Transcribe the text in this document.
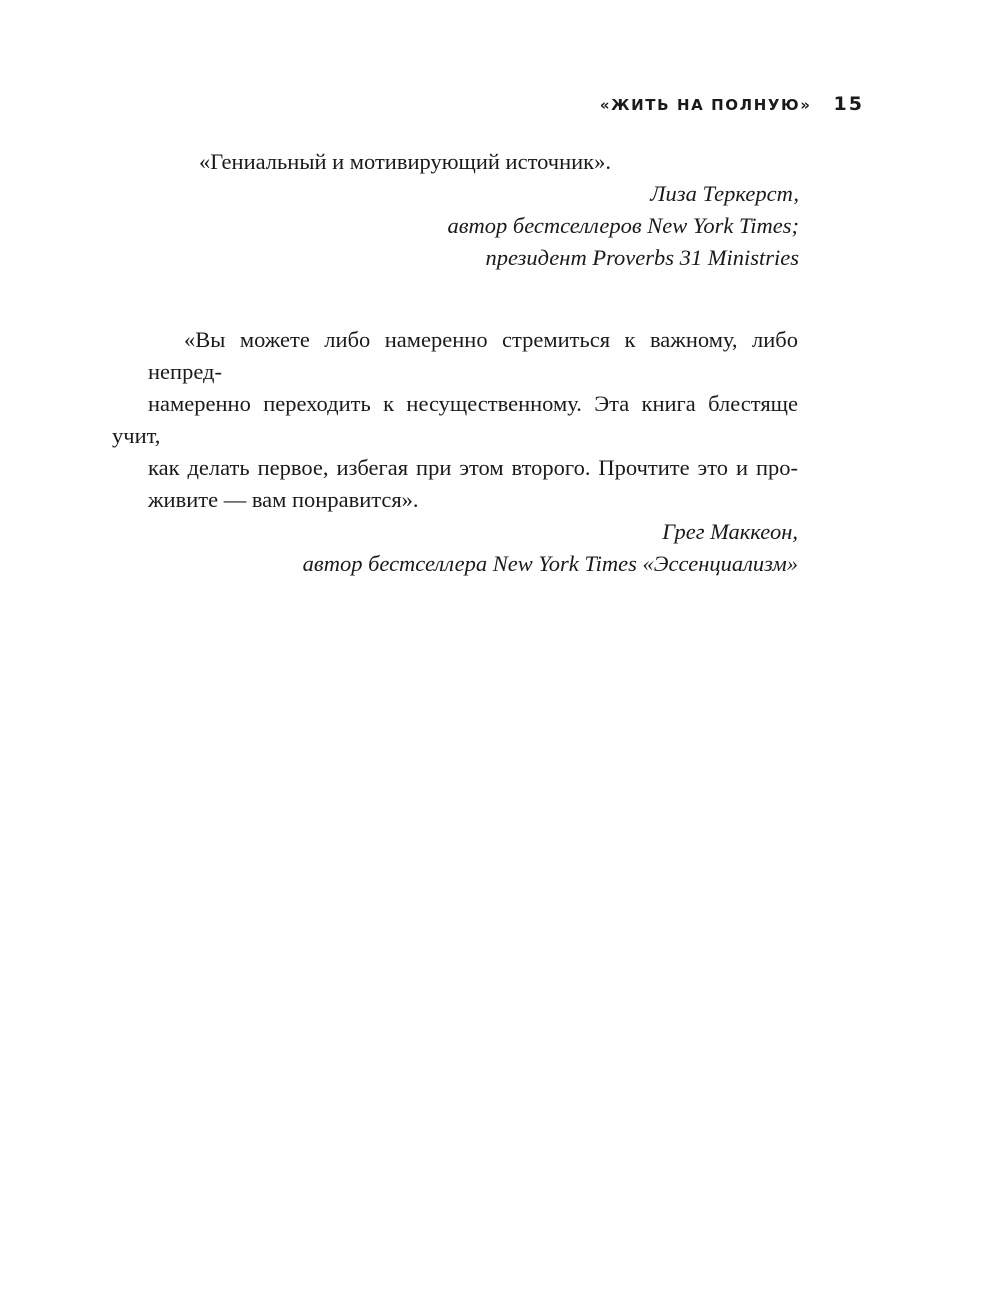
«ЖИТЬ НА ПОЛНУЮ» 15

«Гениальный и мотивирующий источник».

Лиза Теркерст,
автор бестселлеров New York Times;
президент Proverbs 31 Ministries
«Вы можете либо намеренно стремиться к важному, либо непред-
намеренно переходить к несущественному. Эта книга блестяще учит,
как делать первое, избегая при этом второго. Прочтите это и про-
живите — вам понравится».
Грег Маккеон,
автор бестселлера New York Times «Эссенциализм»
